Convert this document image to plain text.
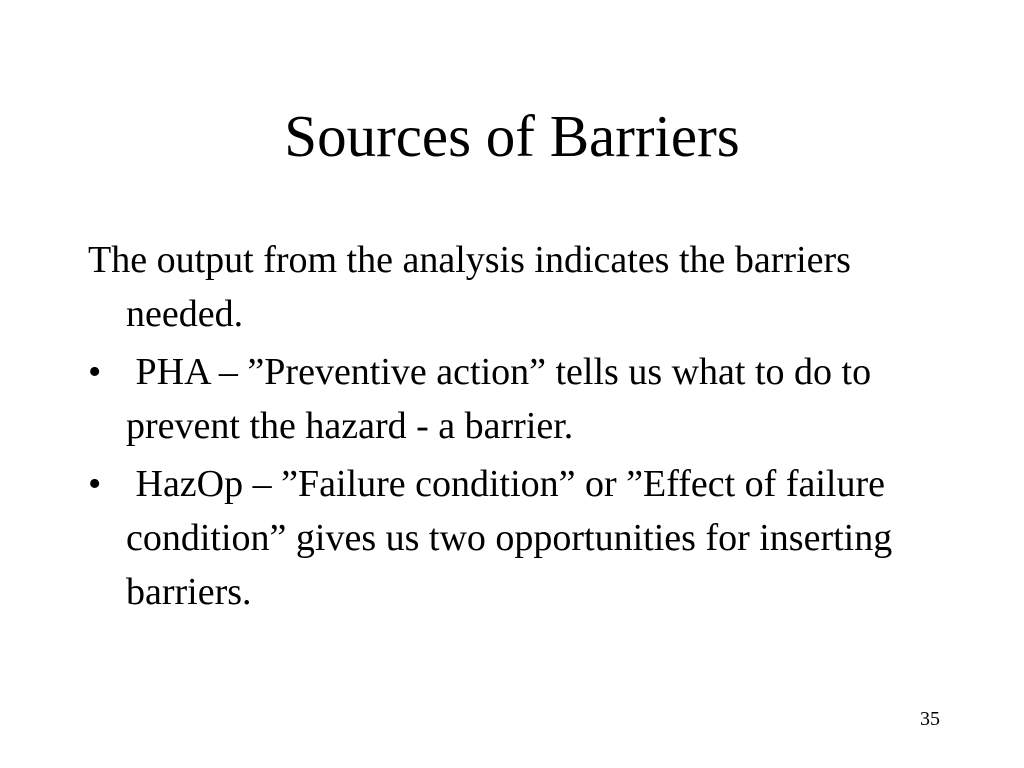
Sources of Barriers
The output from the analysis indicates the barriers needed.
• PHA – ”Preventive action” tells us what to do to prevent the hazard - a barrier.
• HazOp – ”Failure condition” or ”Effect of failure condition” gives us two opportunities for inserting barriers.
35
